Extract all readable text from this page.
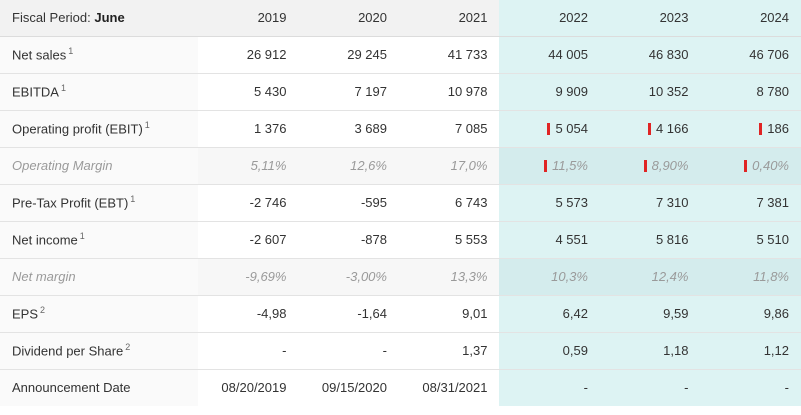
Fiscal Period: June	2019	2020	2021	2022	2023	2024
Net sales $^1$	26 912	29 245	41 733	44 005	46 830	46 706

EBITDA $^1$	5 430	7 197	10 978	9 909	10 352	8 780

Operating profit (EBIT) $^1$	1 376	3 689	7 085	5 054	4 166	186

Operating Margin	5,11%	12,6%	17,0%	11,5%	8,90%	0,40%

Pre-Tax Profit (EBT) $^1$	-2 746	-595	6 743	5 573	7 310	7 381

Net income $^1$	-2 607	-878	5 553	4 551	5 816	5 510

Net margin	-9,69%	-3,00%	13,3%	10,3%	12,4%	11,8%

EPS $^2$	-4,98	-1,64	9,01	6,42	9,59	9,86

Dividend per Share $^2$	-	-	1,37	0,59	1,18	1,12

Announcement Date	08/20/2019	09/15/2020	08/31/2021	-	-	-
